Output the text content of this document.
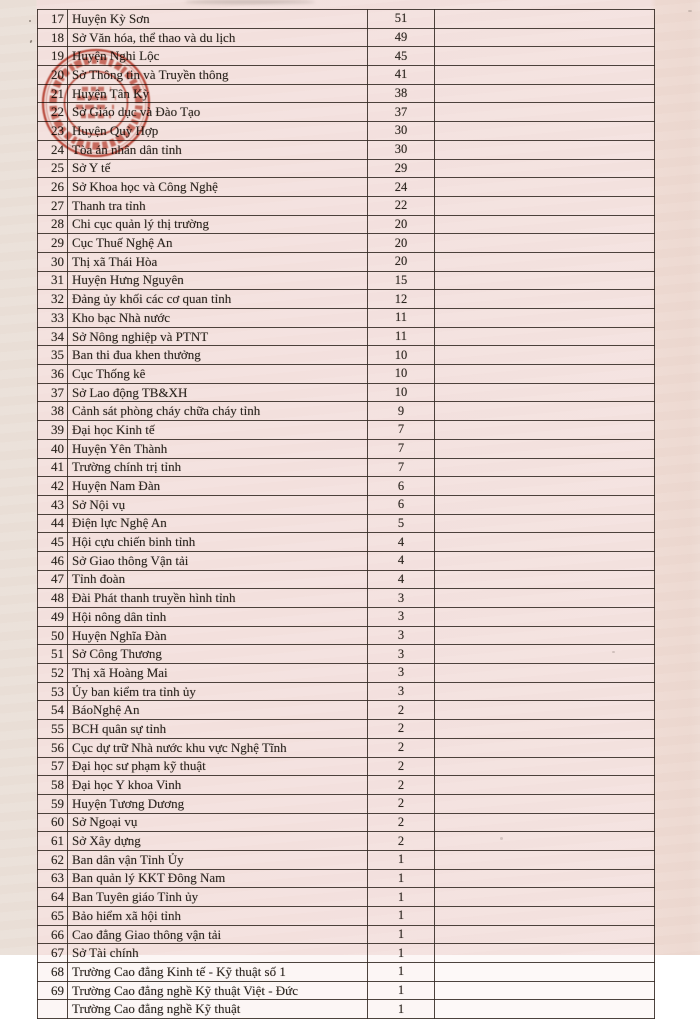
17	Huyện Kỳ Sơn	51	
18	Sở Văn hóa, thể thao và du lịch	49	
19	Huyện Nghi Lộc	45	
20	Sở Thông tin và Truyền thông	41	
21	Huyện Tân Kỳ	38	
22	Sở Giáo dục và Đào Tạo	37	
23	Huyện Quỳ Hợp	30	
24	Tòa án nhân dân tỉnh	30	
25	Sở Y tế	29	
26	Sở Khoa học và Công Nghệ	24	
27	Thanh tra tỉnh	22	
28	Chi cục quản lý thị trường	20	
29	Cục Thuế Nghệ An	20	
30	Thị xã Thái Hòa	20	
31	Huyện Hưng Nguyên	15	
32	Đảng ủy khối các cơ quan tỉnh	12	
33	Kho bạc Nhà nước	11	
34	Sở Nông nghiệp và PTNT	11	
35	Ban thi đua khen thưởng	10	
36	Cục Thống kê	10	
37	Sở Lao động TB&XH	10	
38	Cảnh sát phòng cháy chữa cháy tỉnh	9	
39	Đại học Kinh tế	7	
40	Huyện Yên Thành	7	
41	Trường chính trị tỉnh	7	
42	Huyện Nam Đàn	6	
43	Sở Nội vụ	6	
44	Điện lực Nghệ An	5	
45	Hội cựu chiến binh tỉnh	4	
46	Sở Giao thông Vận tải	4	
47	Tỉnh đoàn	4	
48	Đài Phát thanh truyền hình tỉnh	3	
49	Hội nông dân tỉnh	3	
50	Huyện Nghĩa Đàn	3	
51	Sở Công Thương	3	
52	Thị xã Hoàng Mai	3	
53	Ủy ban kiểm tra tỉnh ủy	3	
54	BáoNghệ An	2	
55	BCH quân sự tỉnh	2	
56	Cục dự trữ Nhà nước khu vực Nghệ Tĩnh	2	
57	Đại học sư phạm kỹ thuật	2	
58	Đại học Y khoa Vinh	2	
59	Huyện Tương Dương	2	
60	Sở Ngoại vụ	2	
61	Sở Xây dựng	2	
62	Ban dân vận Tỉnh Ủy	1	
63	Ban quản lý KKT Đông Nam	1	
64	Ban Tuyên giáo Tỉnh ủy	1	
65	Bảo hiểm xã hội tỉnh	1	
66	Cao đẳng Giao thông vận tải	1	
67	Sở Tài chính	1	
68	Trường Cao đẳng Kinh tế - Kỹ thuật số 1	1	
69	Trường Cao đẳng nghề Kỹ thuật Việt - Đức	1	
	Trường Cao đẳng nghề Kỹ thuật	1	
